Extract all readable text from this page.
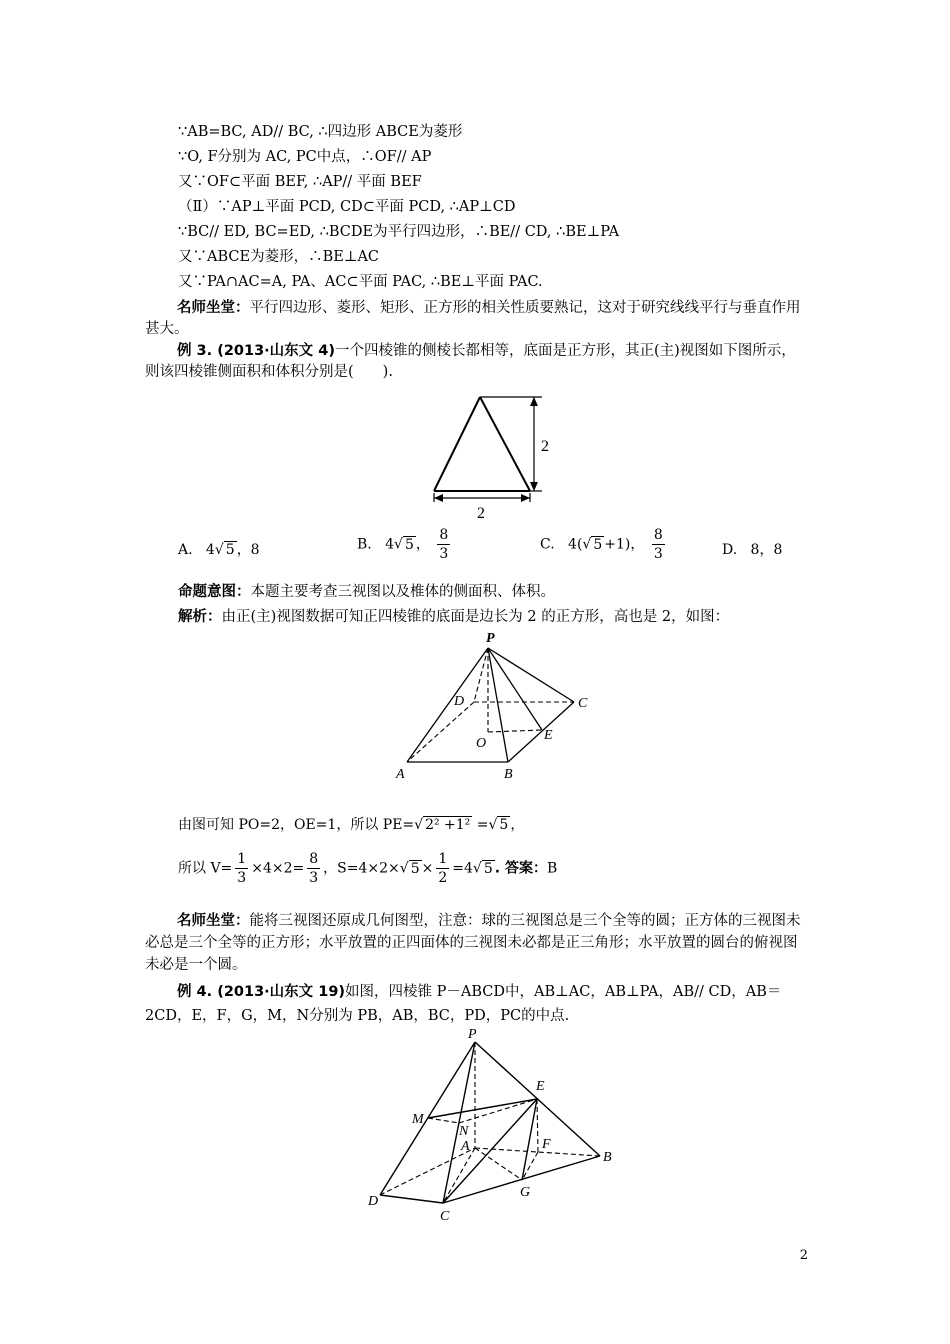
∵AB=BC, AD// BC, ∴四边形 ABCE为菱形
∵O, F分别为 AC, PC中点，∴OF// AP
又∵OF⊂平面 BEF, ∴AP// 平面 BEF
（Ⅱ）∵AP⊥平面 PCD, CD⊂平面 PCD, ∴AP⊥CD
∵BC// ED, BC=ED, ∴BCDE为平行四边形，∴BE// CD, ∴BE⊥PA
又∵ABCE为菱形，∴BE⊥AC
又∵PA∩AC=A, PA、AC⊂平面 PAC, ∴BE⊥平面 PAC.
名师坐堂：平行四边形、菱形、矩形、正方形的相关性质要熟记，这对于研究线线平行与垂直作用甚大。
例 3. (2013·山东文 4)一个四棱锥的侧棱长都相等，底面是正方形，其正(主)视图如下图所示，则该四棱锥侧面积和体积分别是(　　).
2
2
A. 4√ 5 ，8	B. 4√ 5 ， $\frac{8}{3}$	C. 4(√ 5 +1)， $\frac{8}{3}$	D. 8，8
命题意图：本题主要考查三视图以及椎体的侧面积、体积。
解析：由正(主)视图数据可知正四棱锥的底面是边长为 2 的正方形，高也是 2，如图：
P
D	C
O
E
A	B
由图可知 PO=2，OE=1，所以 PE=√ 2² +1² =√ 5 ，
所以 $V= \frac{1}{3} \times 4\times 2= \frac{8}{3}$ ，S=4×2×√ $5 \times \frac{1}{2} =4√$ 5 . 答案：B
名师坐堂：能将三视图还原成几何图型，注意：球的三视图总是三个全等的圆；正方体的三视图未必总是三个全等的正方形；水平放置的正四面体的三视图未必都是正三角形；水平放置的圆台的俯视图未必是一个圆。
例 4. (2013·山东文 19)如图，四棱锥 P－ABCD中，AB⊥AC，AB⊥PA，AB// CD，AB＝2CD，E，F，G，M，N分别为 PB，AB，BC，PD，PC的中点.
P
E
M
N
A	F
B
G
D
C
2
